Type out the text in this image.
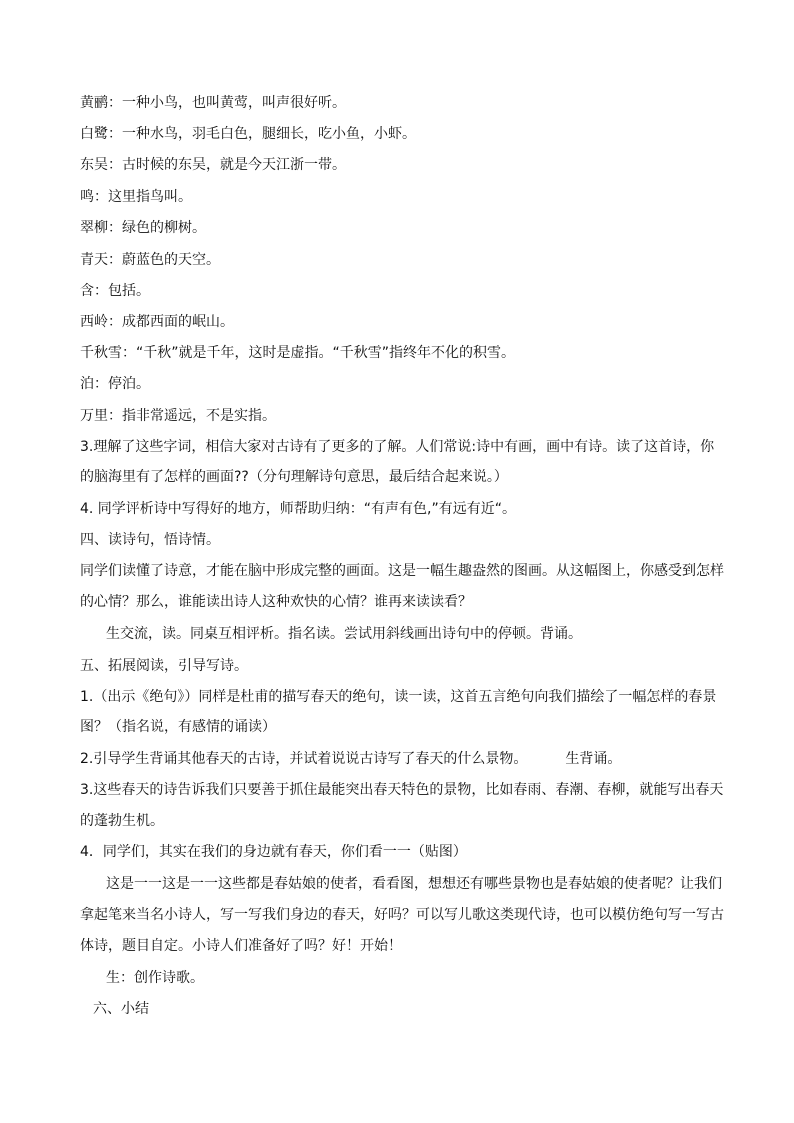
黄鹂：一种小鸟，也叫黄莺，叫声很好听。
白鹭：一种水鸟，羽毛白色，腿细长，吃小鱼，小虾。
东吴：古时候的东吴，就是今天江浙一带。
鸣：这里指鸟叫。
翠柳：绿色的柳树。
青天：蔚蓝色的天空。
含：包括。
西岭：成都西面的岷山。
千秋雪：“千秋”就是千年，这时是虚指。“千秋雪”指终年不化的积雪。
泊：停泊。
万里：指非常遥远，不是实指。
3.理解了这些字词，相信大家对古诗有了更多的了解。人们常说:诗中有画，画中有诗。读了这首诗，你
的脑海里有了怎样的画面??（分句理解诗句意思，最后结合起来说。）
4. 同学评析诗中写得好的地方，师帮助归纳：“有声有色,”有远有近“。
四、读诗句，悟诗情。
同学们读懂了诗意，才能在脑中形成完整的画面。这是一幅生趣盎然的图画。从这幅图上，你感受到怎样
的心情？那么，谁能读出诗人这种欢快的心情？谁再来读读看？
生交流，读。同桌互相评析。指名读。尝试用斜线画出诗句中的停顿。背诵。
五、拓展阅读，引导写诗。
1.（出示《绝句》）同样是杜甫的描写春天的绝句，读一读，这首五言绝句向我们描绘了一幅怎样的春景
图？（指名说，有感情的诵读）
2.引导学生背诵其他春天的古诗，并试着说说古诗写了春天的什么景物。	生背诵。
3.这些春天的诗告诉我们只要善于抓住最能突出春天特色的景物，比如春雨、春潮、春柳，就能写出春天
的蓬勃生机。
4．同学们，其实在我们的身边就有春天，你们看一一（贴图）
这是一一这是一一这些都是春姑娘的使者，看看图，想想还有哪些景物也是春姑娘的使者呢？让我们
拿起笔来当名小诗人，写一写我们身边的春天，好吗？可以写儿歌这类现代诗，也可以模仿绝句写一写古
体诗，题目自定。小诗人们准备好了吗？好！开始！
生：创作诗歌。
六、小结
